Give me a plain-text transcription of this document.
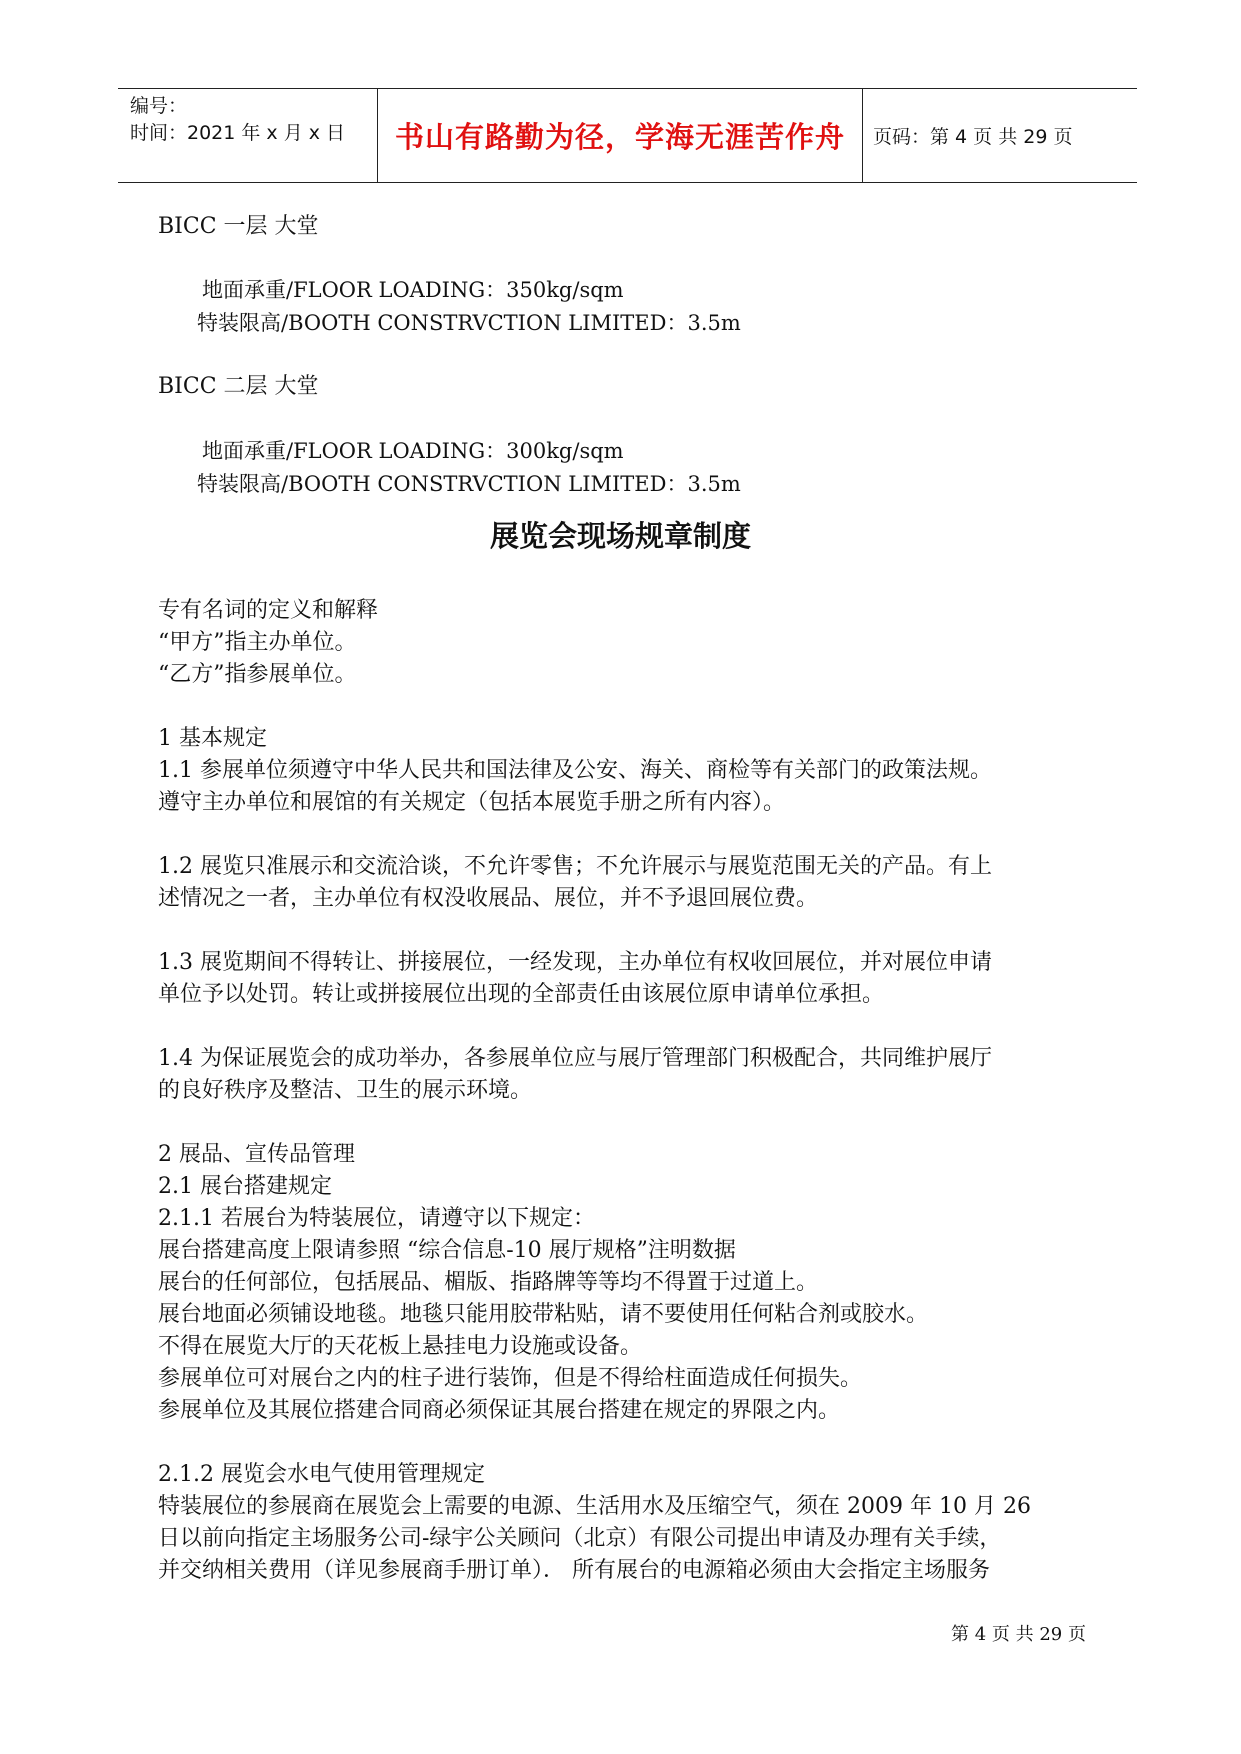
编号：
时间：2021 年 x 月 x 日	书山有路勤为径，学海无涯苦作舟	页码：第 4 页 共 29 页
BICC 一层 大堂
地面承重/FLOOR LOADING：350kg/sqm
特装限高/BOOTH CONSTRVCTION LIMITED：3.5m
BICC 二层 大堂
地面承重/FLOOR LOADING：300kg/sqm
特装限高/BOOTH CONSTRVCTION LIMITED：3.5m
展览会现场规章制度
专有名词的定义和解释
“甲方”指主办单位。
“乙方”指参展单位。
1 基本规定
1.1 参展单位须遵守中华人民共和国法律及公安、海关、商检等有关部门的政策法规。
遵守主办单位和展馆的有关规定（包括本展览手册之所有内容）。
1.2 展览只准展示和交流洽谈，不允许零售；不允许展示与展览范围无关的产品。有上
述情况之一者，主办单位有权没收展品、展位，并不予退回展位费。
1.3 展览期间不得转让、拼接展位，一经发现，主办单位有权收回展位，并对展位申请
单位予以处罚。转让或拼接展位出现的全部责任由该展位原申请单位承担。
1.4 为保证展览会的成功举办，各参展单位应与展厅管理部门积极配合，共同维护展厅
的良好秩序及整洁、卫生的展示环境。
2 展品、宣传品管理
2.1 展台搭建规定
2.1.1 若展台为特装展位，请遵守以下规定：
展台搭建高度上限请参照 “综合信息-10 展厅规格”注明数据
展台的任何部位，包括展品、楣版、指路牌等等均不得置于过道上。
展台地面必须铺设地毯。地毯只能用胶带粘贴，请不要使用任何粘合剂或胶水。
不得在展览大厅的天花板上悬挂电力设施或设备。
参展单位可对展台之内的柱子进行装饰，但是不得给柱面造成任何损失。
参展单位及其展位搭建合同商必须保证其展台搭建在规定的界限之内。
2.1.2 展览会水电气使用管理规定
特装展位的参展商在展览会上需要的电源、生活用水及压缩空气，须在 2009 年 10 月 26
日以前向指定主场服务公司-绿宇公关顾问（北京）有限公司提出申请及办理有关手续，
并交纳相关费用（详见参展商手册订单）． 所有展台的电源箱必须由大会指定主场服务
第 4 页 共 29 页
